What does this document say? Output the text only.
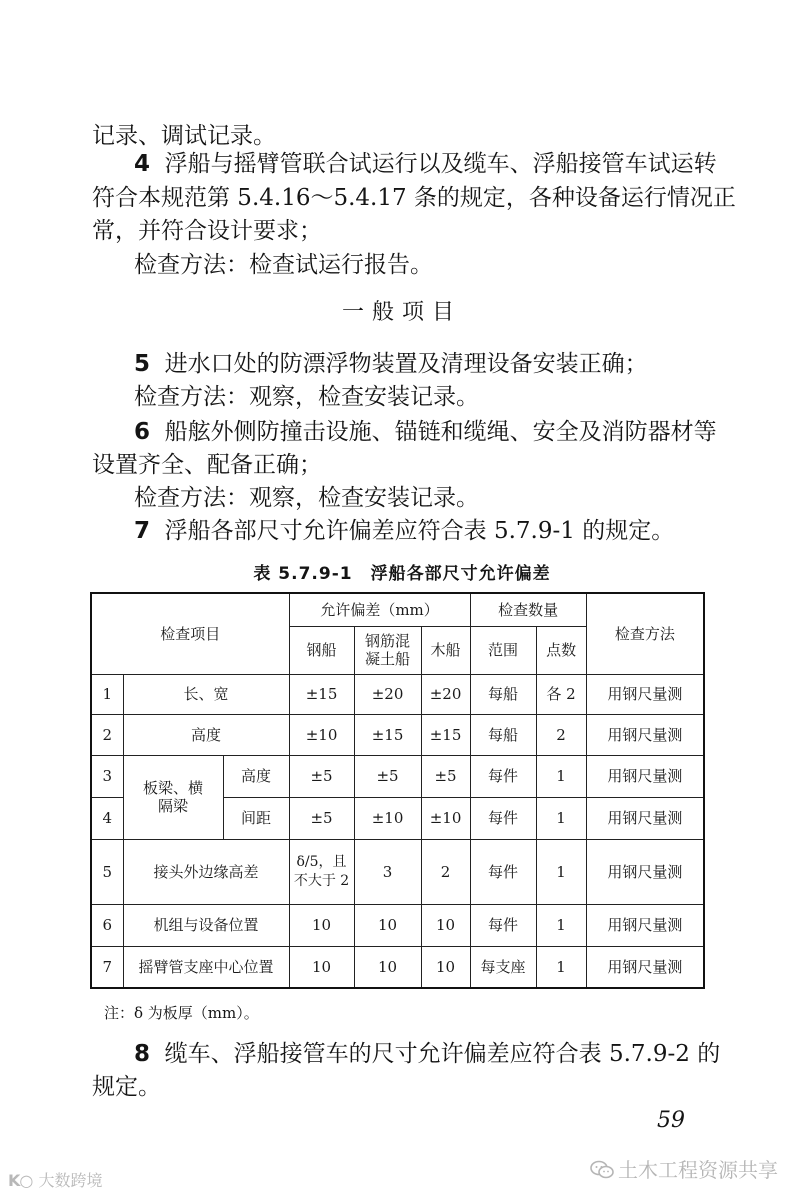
记录、调试记录。
4 浮船与摇臂管联合试运行以及缆车、浮船接管车试运转
符合本规范第 5.4.16～5.4.17 条的规定，各种设备运行情况正
常，并符合设计要求；
检查方法：检查试运行报告。
一般项目
5 进水口处的防漂浮物装置及清理设备安装正确；
检查方法：观察，检查安装记录。
6 船舷外侧防撞击设施、锚链和缆绳、安全及消防器材等
设置齐全、配备正确；
检查方法：观察，检查安装记录。
7 浮船各部尺寸允许偏差应符合表 5.7.9-1 的规定。
表 5.7.9-1　浮船各部尺寸允许偏差
检查项目			允许偏差（mm）			检查数量		检查方法
			钢船	钢筋混凝土船	木船	范围	点数	
1	长、宽		±15	±20	±20	每船	各 2	用钢尺量测
2	高度		±10	±15	±15	每船	2	用钢尺量测
3	板梁、横隔梁	高度	±5	±5	±5	每件	1	用钢尺量测
4		间距	±5	±10	±10	每件	1	用钢尺量测
5	接头外边缘高差		δ/5，且不大于 2	3	2	每件	1	用钢尺量测
6	机组与设备位置		10	10	10	每件	1	用钢尺量测
7	摇臂管支座中心位置		10	10	10	每支座	1	用钢尺量测
注：δ 为板厚（mm）。
8 缆车、浮船接管车的尺寸允许偏差应符合表 5.7.9-2 的
规定。
59
K○ 大数跨境	土木工程资源共享
